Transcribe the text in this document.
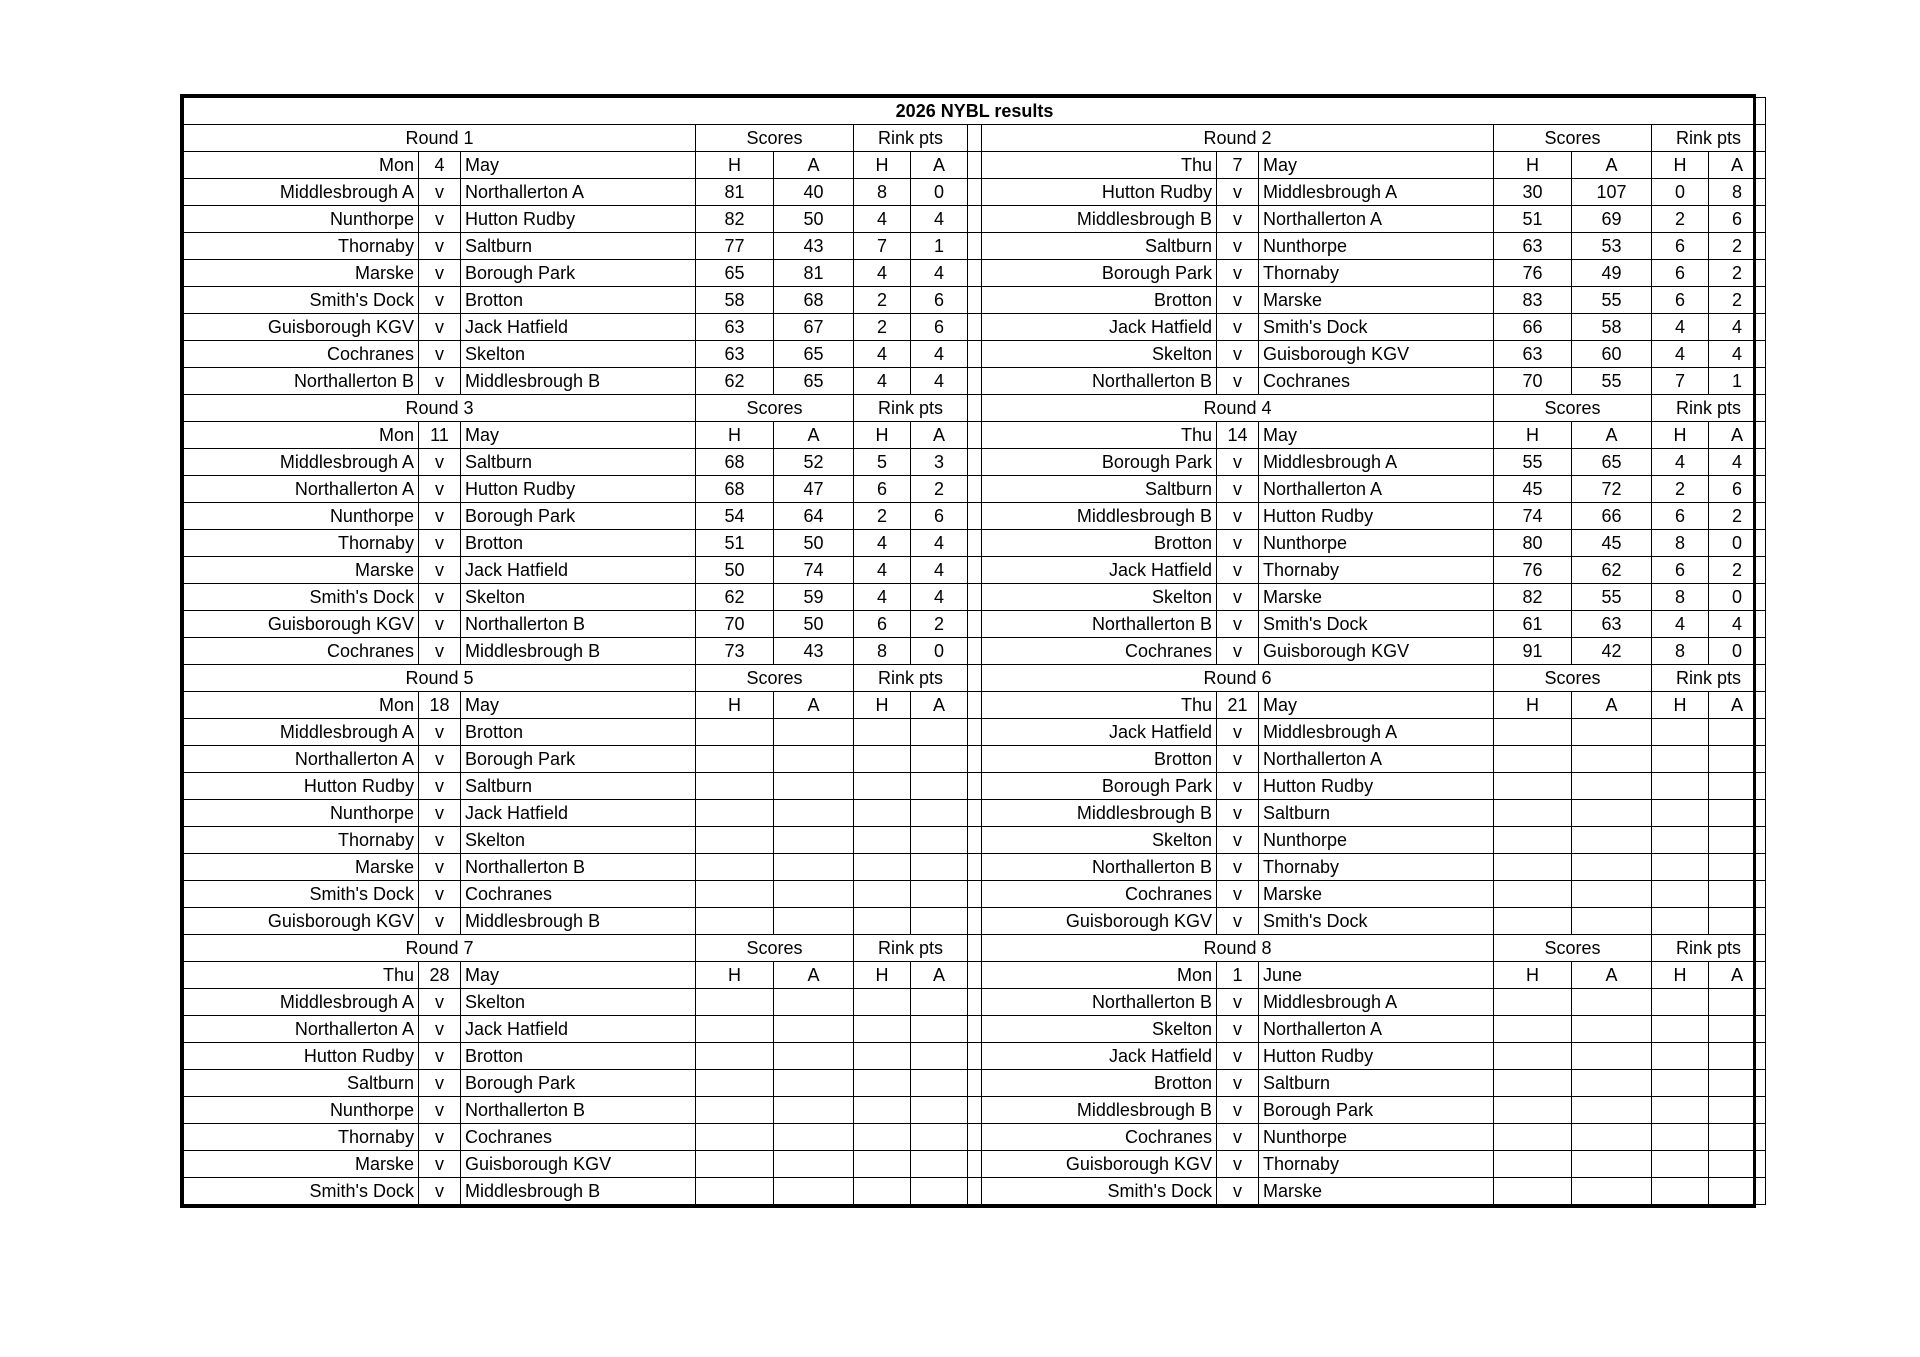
2026 NYBL results														
Round 1			Scores		Rink pts			Round 2			Scores		Rink pts	
Mon	4	May	H	A	H	A		Thu	7	May	H	A	H	A
Middlesbrough A	v	Northallerton A	81	40	8	0		Hutton Rudby	v	Middlesbrough A	30	107	0	8
Nunthorpe	v	Hutton Rudby	82	50	4	4		Middlesbrough B	v	Northallerton A	51	69	2	6
Thornaby	v	Saltburn	77	43	7	1		Saltburn	v	Nunthorpe	63	53	6	2
Marske	v	Borough Park	65	81	4	4		Borough Park	v	Thornaby	76	49	6	2
Smith's Dock	v	Brotton	58	68	2	6		Brotton	v	Marske	83	55	6	2
Guisborough KGV	v	Jack Hatfield	63	67	2	6		Jack Hatfield	v	Smith's Dock	66	58	4	4
Cochranes	v	Skelton	63	65	4	4		Skelton	v	Guisborough KGV	63	60	4	4
Northallerton B	v	Middlesbrough B	62	65	4	4		Northallerton B	v	Cochranes	70	55	7	1
Round 3			Scores		Rink pts			Round 4			Scores		Rink pts	
Mon	11	May	H	A	H	A		Thu	14	May	H	A	H	A
Middlesbrough A	v	Saltburn	68	52	5	3		Borough Park	v	Middlesbrough A	55	65	4	4
Northallerton A	v	Hutton Rudby	68	47	6	2		Saltburn	v	Northallerton A	45	72	2	6
Nunthorpe	v	Borough Park	54	64	2	6		Middlesbrough B	v	Hutton Rudby	74	66	6	2
Thornaby	v	Brotton	51	50	4	4		Brotton	v	Nunthorpe	80	45	8	0
Marske	v	Jack Hatfield	50	74	4	4		Jack Hatfield	v	Thornaby	76	62	6	2
Smith's Dock	v	Skelton	62	59	4	4		Skelton	v	Marske	82	55	8	0
Guisborough KGV	v	Northallerton B	70	50	6	2		Northallerton B	v	Smith's Dock	61	63	4	4
Cochranes	v	Middlesbrough B	73	43	8	0		Cochranes	v	Guisborough KGV	91	42	8	0
Round 5			Scores		Rink pts			Round 6			Scores		Rink pts	
Mon	18	May	H	A	H	A		Thu	21	May	H	A	H	A
Middlesbrough A	v	Brotton						Jack Hatfield	v	Middlesbrough A				
Northallerton A	v	Borough Park						Brotton	v	Northallerton A				
Hutton Rudby	v	Saltburn						Borough Park	v	Hutton Rudby				
Nunthorpe	v	Jack Hatfield						Middlesbrough B	v	Saltburn				
Thornaby	v	Skelton						Skelton	v	Nunthorpe				
Marske	v	Northallerton B						Northallerton B	v	Thornaby				
Smith's Dock	v	Cochranes						Cochranes	v	Marske				
Guisborough KGV	v	Middlesbrough B						Guisborough KGV	v	Smith's Dock				
Round 7			Scores		Rink pts			Round 8			Scores		Rink pts	
Thu	28	May	H	A	H	A		Mon	1	June	H	A	H	A
Middlesbrough A	v	Skelton						Northallerton B	v	Middlesbrough A				
Northallerton A	v	Jack Hatfield						Skelton	v	Northallerton A				
Hutton Rudby	v	Brotton						Jack Hatfield	v	Hutton Rudby				
Saltburn	v	Borough Park						Brotton	v	Saltburn				
Nunthorpe	v	Northallerton B						Middlesbrough B	v	Borough Park				
Thornaby	v	Cochranes						Cochranes	v	Nunthorpe				
Marske	v	Guisborough KGV						Guisborough KGV	v	Thornaby				
Smith's Dock	v	Middlesbrough B						Smith's Dock	v	Marske				
